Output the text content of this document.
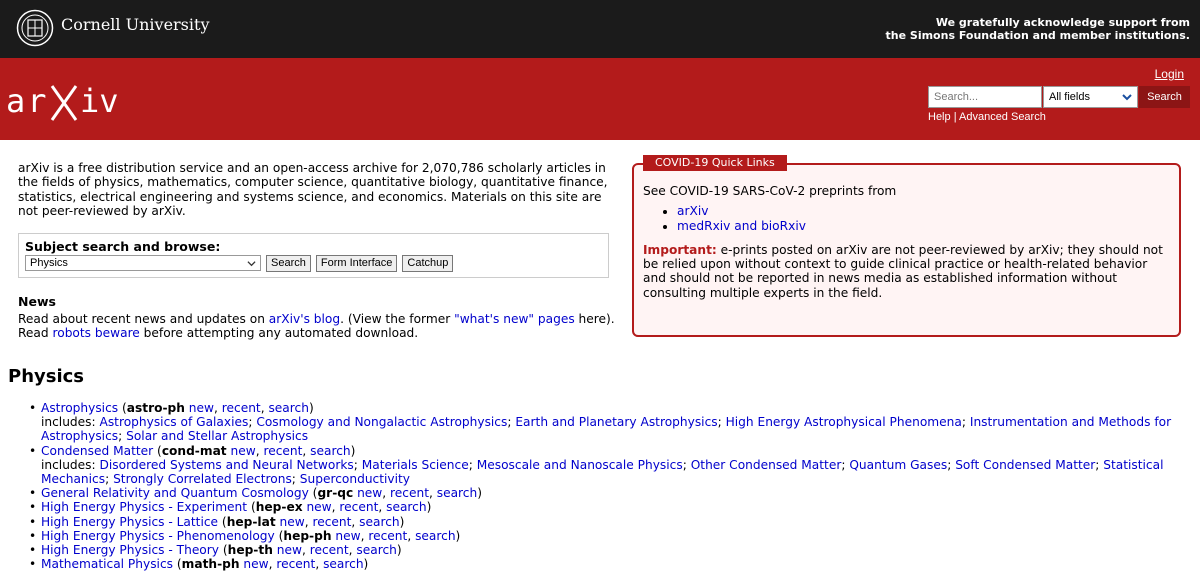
Cornell University	We gratefully acknowledge support from
the Simons Foundation and member institutions.
ar iv
Login
Search...	All fields	Search
Help | Advanced Search
arXiv is a free distribution service and an open-access archive for 2,070,786 scholarly articles in the fields of physics, mathematics, computer science, quantitative biology, quantitative finance, statistics, electrical engineering and systems science, and economics. Materials on this site are not peer-reviewed by arXiv.
Subject search and browse:
Physics	Search	Form Interface	Catchup
News
Read about recent news and updates on arXiv's blog. (View the former "what's new" pages here).
Read robots beware before attempting any automated download.
COVID-19 Quick Links
See COVID-19 SARS-CoV-2 preprints from
• arXiv
• medRxiv and bioRxiv
Important: e-prints posted on arXiv are not peer-reviewed by arXiv; they should not be relied upon without context to guide clinical practice or health-related behavior and should not be reported in news media as established information without consulting multiple experts in the field.
Physics
• Astrophysics (astro-ph new, recent, search)
includes: Astrophysics of Galaxies; Cosmology and Nongalactic Astrophysics; Earth and Planetary Astrophysics; High Energy Astrophysical Phenomena; Instrumentation and Methods for Astrophysics; Solar and Stellar Astrophysics
• Condensed Matter (cond-mat new, recent, search)
includes: Disordered Systems and Neural Networks; Materials Science; Mesoscale and Nanoscale Physics; Other Condensed Matter; Quantum Gases; Soft Condensed Matter; Statistical Mechanics; Strongly Correlated Electrons; Superconductivity
• General Relativity and Quantum Cosmology (gr-qc new, recent, search)
• High Energy Physics - Experiment (hep-ex new, recent, search)
• High Energy Physics - Lattice (hep-lat new, recent, search)
• High Energy Physics - Phenomenology (hep-ph new, recent, search)
• High Energy Physics - Theory (hep-th new, recent, search)
• Mathematical Physics (math-ph new, recent, search)
